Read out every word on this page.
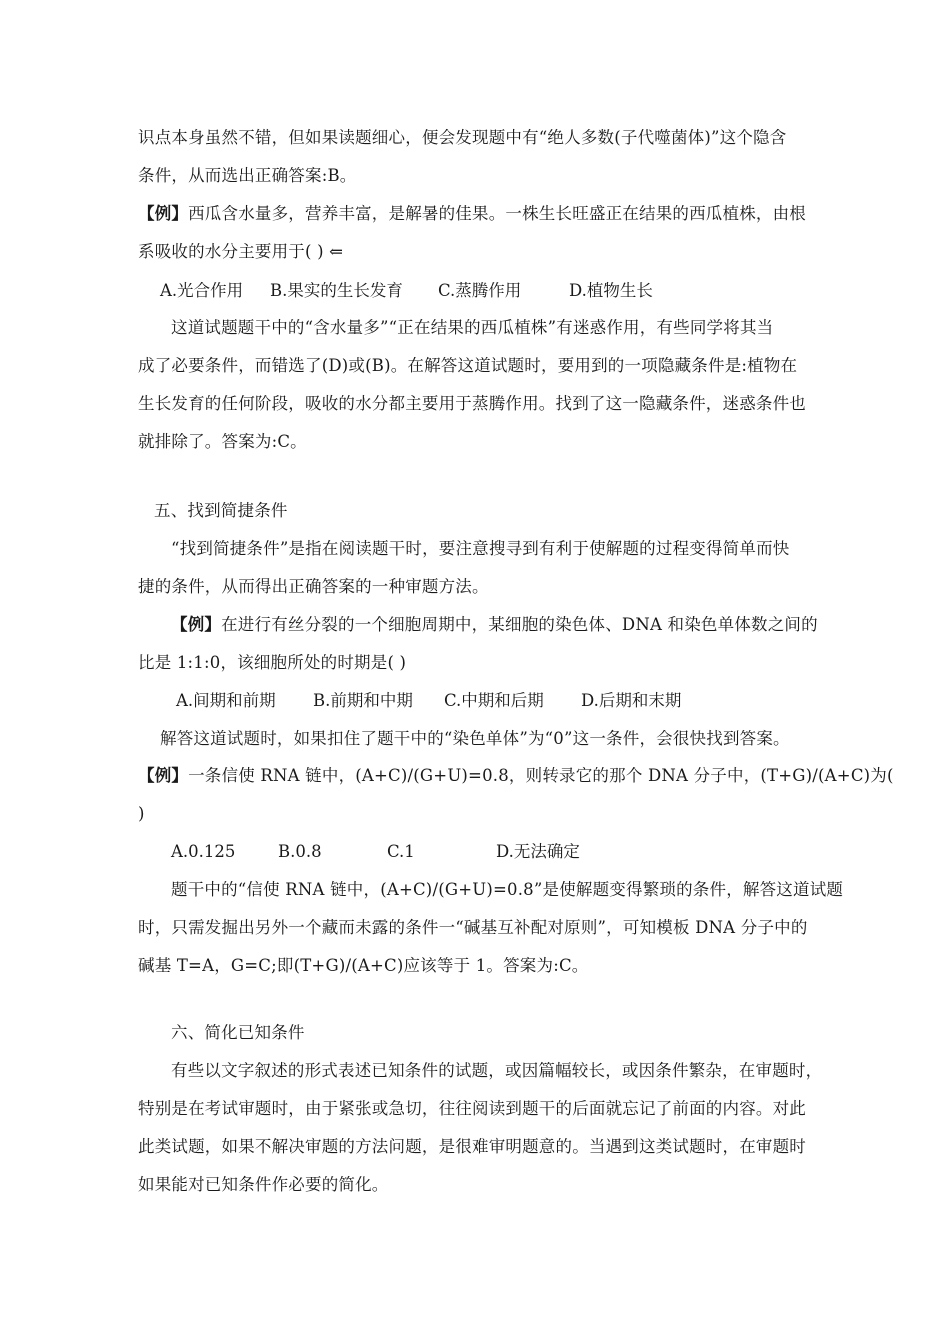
识点本身虽然不错，但如果读题细心，便会发现题中有“绝人多数(子代噬菌体)”这个隐含
条件，从而选出正确答案:B。
【例】西瓜含水量多，营养丰富，是解暑的佳果。一株生长旺盛正在结果的西瓜植株，由根
系吸收的水分主要用于( ) ⇐
A.光合作用 B.果实的生长发育 C.蒸腾作用	D.植物生长
这道试题题干中的“含水量多”“正在结果的西瓜植株”有迷惑作用，有些同学将其当
成了必要条件，而错选了(D)或(B)。在解答这道试题时，要用到的一项隐藏条件是:植物在
生长发育的任何阶段，吸收的水分都主要用于蒸腾作用。找到了这一隐藏条件，迷惑条件也
就排除了。答案为:C。
五、找到简捷条件
“找到简捷条件”是指在阅读题干时，要注意搜寻到有利于使解题的过程变得简单而快
捷的条件，从而得出正确答案的一种审题方法。
【例】在进行有丝分裂的一个细胞周期中，某细胞的染色体、DNA 和染色单体数之间的
比是 1:1:0，该细胞所处的时期是( )
A.间期和前期 B.前期和中期 C.中期和后期 D.后期和末期
解答这道试题时，如果扣住了题干中的“染色单体”为“0”这一条件，会很快找到答案。
【例】一条信使 RNA 链中，(A+C)/(G+U)=0.8，则转录它的那个 DNA 分子中，(T+G)/(A+C)为(
)
A.0.125	B.0.8	C.1	D.无法确定
题干中的“信使 RNA 链中，(A+C)/(G+U)=0.8”是使解题变得繁琐的条件，解答这道试题
时，只需发掘出另外一个藏而未露的条件一“碱基互补配对原则”，可知模板 DNA 分子中的
碱基 T=A，G=C;即(T+G)/(A+C)应该等于 1。答案为:C。
六、简化已知条件
有些以文字叙述的形式表述已知条件的试题，或因篇幅较长，或因条件繁杂，在审题时，
特别是在考试审题时，由于紧张或急切，往往阅读到题干的后面就忘记了前面的内容。对此
此类试题，如果不解决审题的方法问题，是很难审明题意的。当遇到这类试题时，在审题时
如果能对已知条件作必要的简化。
